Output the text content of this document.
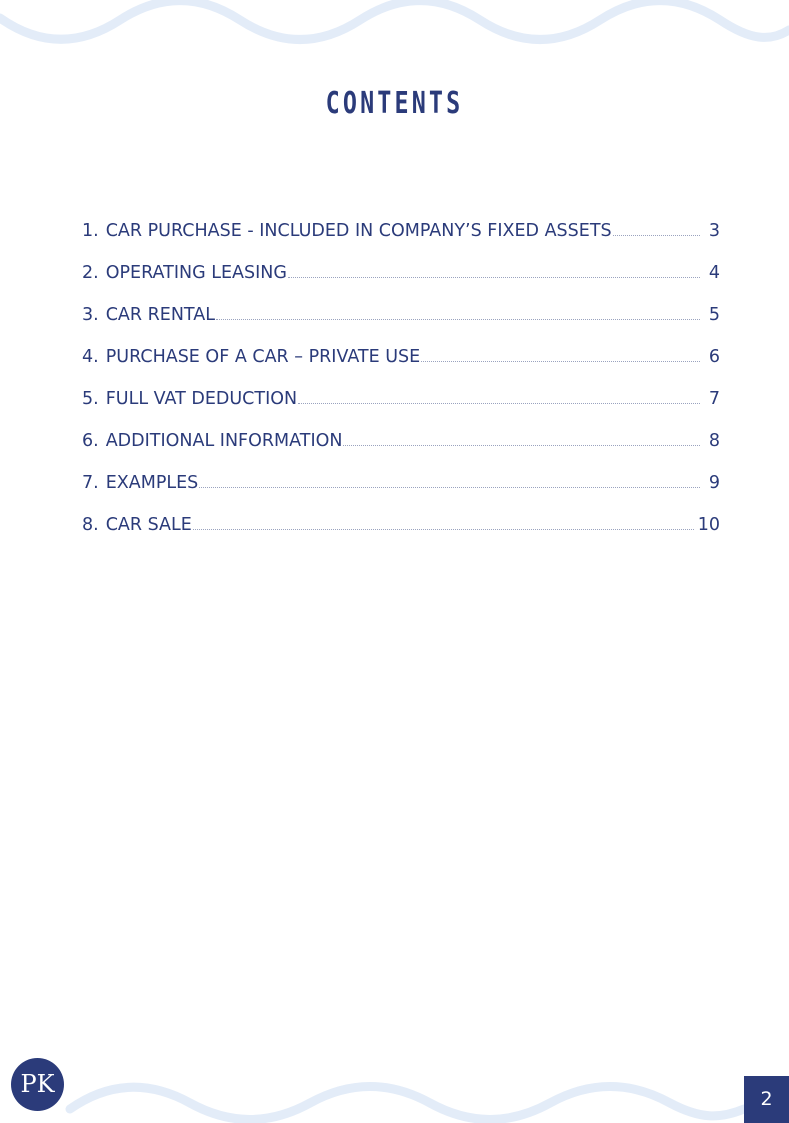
CONTENTS
1. CAR PURCHASE - INCLUDED IN COMPANY’S FIXED ASSETS	3
2. OPERATING LEASING	4
3. CAR RENTAL	5
4. PURCHASE OF A CAR – PRIVATE USE	6
5. FULL VAT DEDUCTION	7
6. ADDITIONAL INFORMATION	8
7. EXAMPLES	9
8. CAR SALE	10
PK
2
